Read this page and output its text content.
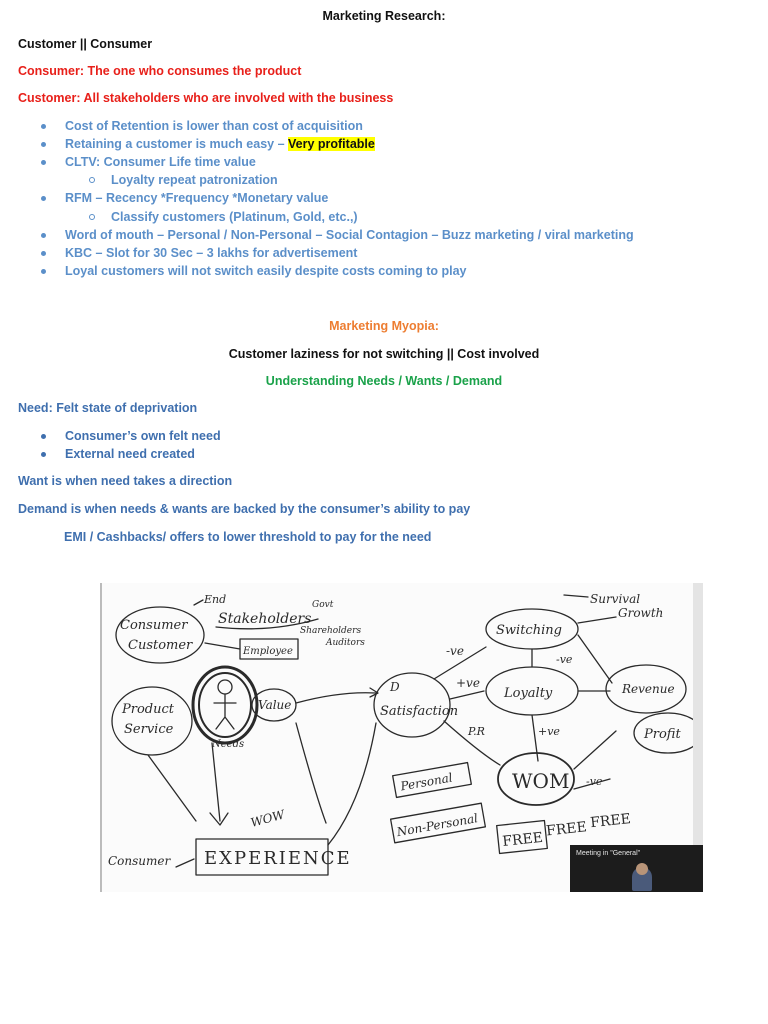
Marketing Research:
Customer || Consumer
Consumer: The one who consumes the product
Customer: All stakeholders who are involved with the business
Cost of Retention is lower than cost of acquisition
Retaining a customer is much easy – Very profitable
CLTV: Consumer Life time value
Loyalty repeat patronization
RFM – Recency *Frequency *Monetary value
Classify customers (Platinum, Gold, etc.,)
Word of mouth – Personal / Non-Personal – Social Contagion – Buzz marketing / viral marketing
KBC – Slot for 30 Sec – 3 lakhs for advertisement
Loyal customers will not switch easily despite costs coming to play
Marketing Myopia:
Customer laziness for not switching || Cost involved
Understanding Needs / Wants / Demand
Need: Felt state of deprivation
Consumer’s own felt need
External need created
Want is when need takes a direction
Demand is when needs & wants are backed by the consumer’s ability to pay
EMI / Cashbacks/ offers to lower threshold to pay for the need
Consumer
Customer
End
Stakeholders
Govt
Shareholders
Auditors
Employee
Product
Service
Needs
Value
EXPERIENCE
Consumer
WOW
D
Satisfaction
-ve
+ve
P.R
Switching
Survival
Growth
Loyalty
-ve
+ve
Revenue
Profit
WOM -ve
Personal
Non-Personal
FREE
FREE FREE
Meeting in "General"
